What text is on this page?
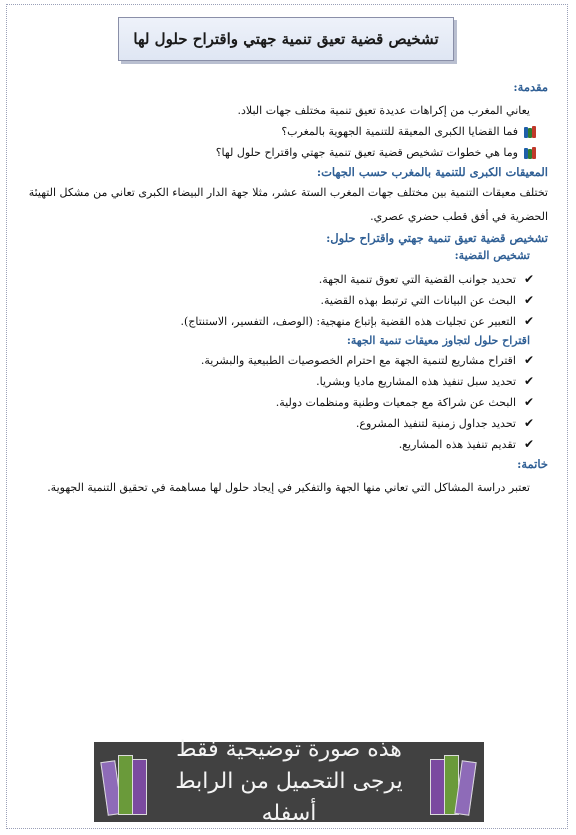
تشخيص قضية تعيق تنمية جهتي واقتراح حلول لها

مقدمة:

يعاني المغرب من إكراهات عديدة تعيق تنمية مختلف جهات البلاد.

فما القضايا الكبرى المعيقة للتنمية الجهوية بالمغرب؟
وما هي خطوات تشخيص قضية تعيق تنمية جهتي واقتراح حلول لها؟

المعيقات الكبرى للتنمية بالمغرب حسب الجهات:

تختلف معيقات التنمية بين مختلف جهات المغرب الستة عشر، مثلا جهة الدار البيضاء الكبرى تعاني من مشكل التهيئة الحضرية في أفق قطب حضري عصري.

تشخيص قضية تعيق تنمية جهتي واقتراح حلول:

تشخيص القضية:
✔
تحديد جوانب القضية التي تعوق تنمية الجهة.
✔
البحث عن البيانات التي ترتبط بهذه القضية.
✔
التعبير عن تجليات هذه القضية بإتباع منهجية: (الوصف، التفسير، الاستنتاج).
اقتراح حلول لتجاوز معيقات تنمية الجهة:
✔
اقتراح مشاريع لتنمية الجهة مع احترام الخصوصيات الطبيعية والبشرية.
✔
تحديد سبل تنفيذ هذه المشاريع ماديا وبشريا.
✔
البحث عن شراكة مع جمعيات وطنية ومنظمات دولية.
✔
تحديد جداول زمنية لتنفيذ المشروع.
✔
تقديم تنفيذ هذه المشاريع.

خاتمة:

تعتبر دراسة المشاكل التي تعاني منها الجهة والتفكير في إيجاد حلول لها مساهمة في تحقيق التنمية الجهوية.

هذه صورة توضيحية فقط
يرجى التحميل من الرابط أسفله
